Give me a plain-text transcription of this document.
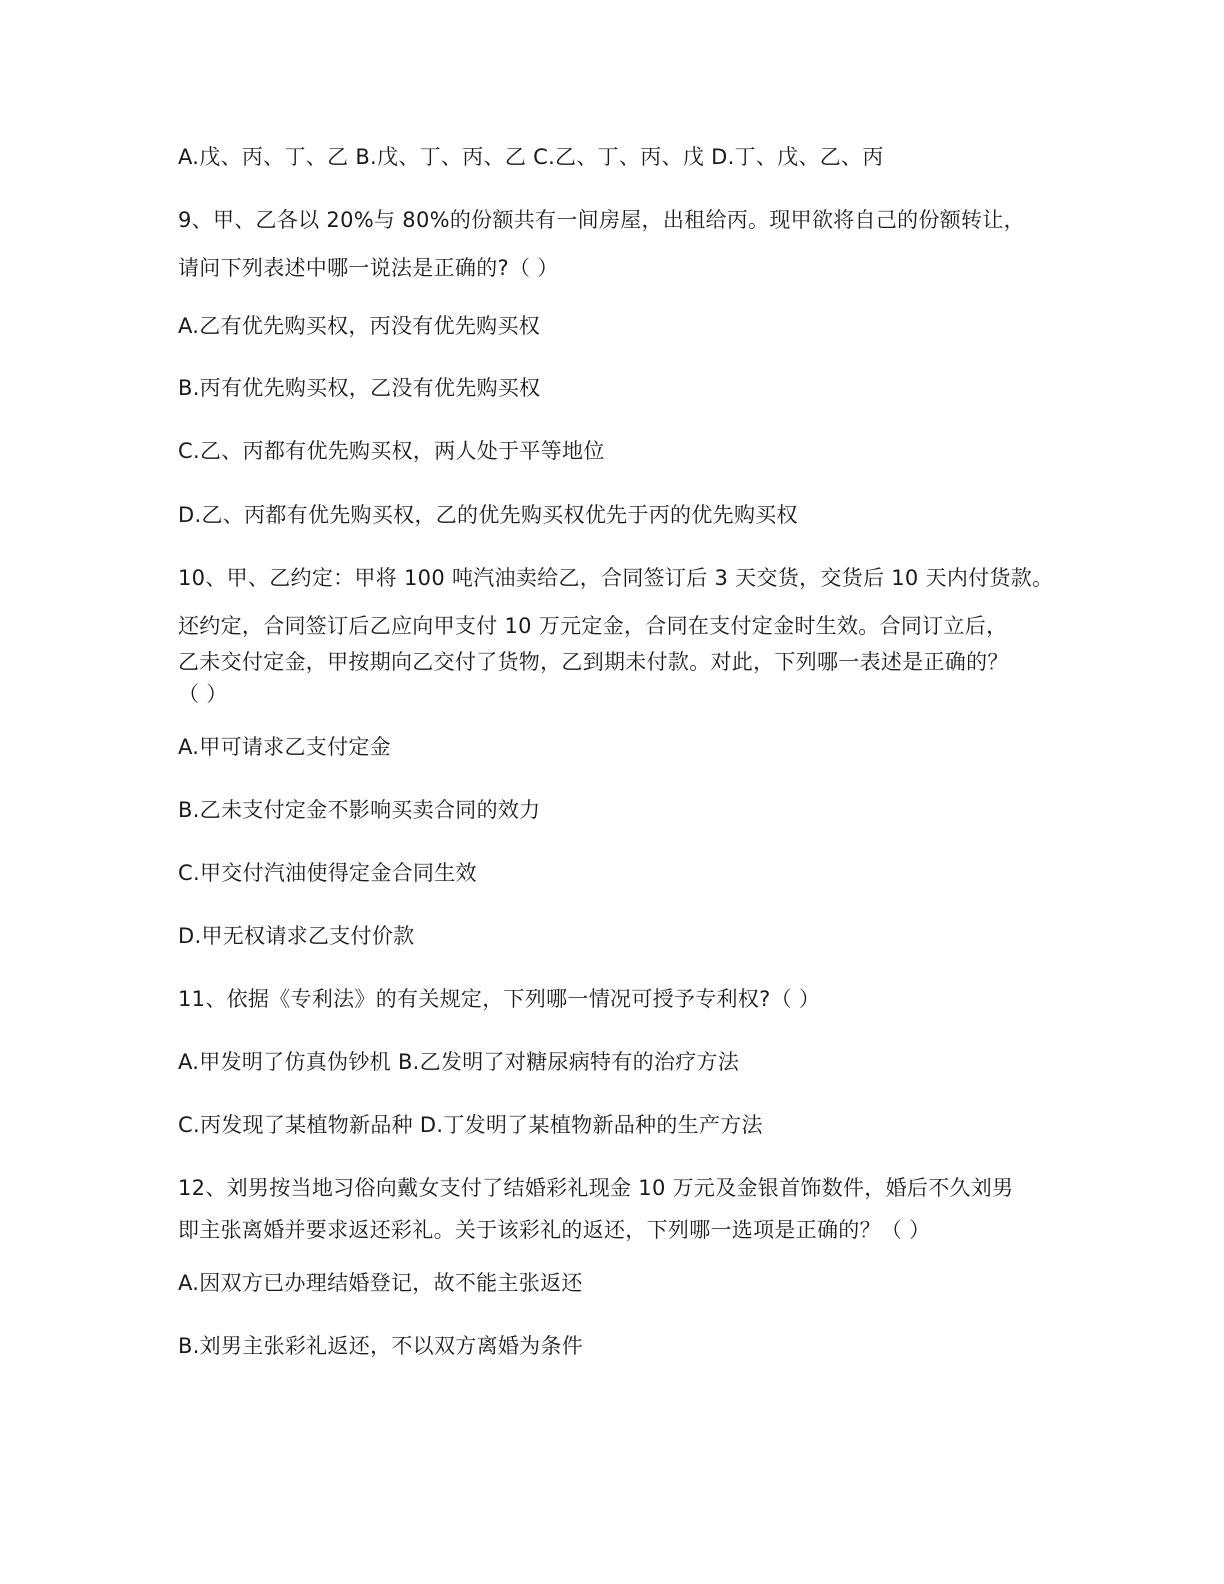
A.戊、丙、丁、乙 B.戊、丁、丙、乙 C.乙、丁、丙、戊 D.丁、戊、乙、丙
9、甲、乙各以 20%与 80%的份额共有一间房屋，出租给丙。现甲欲将自己的份额转让，
请问下列表述中哪一说法是正确的?（ ）
A.乙有优先购买权，丙没有优先购买权
B.丙有优先购买权，乙没有优先购买权
C.乙、丙都有优先购买权，两人处于平等地位
D.乙、丙都有优先购买权，乙的优先购买权优先于丙的优先购买权
10、甲、乙约定：甲将 100 吨汽油卖给乙，合同签订后 3 天交货，交货后 10 天内付货款。
还约定，合同签订后乙应向甲支付 10 万元定金，合同在支付定金时生效。合同订立后，
乙未交付定金，甲按期向乙交付了货物，乙到期未付款。对此，下列哪一表述是正确的？
（ ）
A.甲可请求乙支付定金
B.乙未支付定金不影响买卖合同的效力
C.甲交付汽油使得定金合同生效
D.甲无权请求乙支付价款
11、依据《专利法》的有关规定，下列哪一情况可授予专利权?（ ）
A.甲发明了仿真伪钞机 B.乙发明了对糖尿病特有的治疗方法
C.丙发现了某植物新品种 D.丁发明了某植物新品种的生产方法
12、刘男按当地习俗向戴女支付了结婚彩礼现金 10 万元及金银首饰数件，婚后不久刘男
即主张离婚并要求返还彩礼。关于该彩礼的返还，下列哪一选项是正确的？（ ）
A.因双方已办理结婚登记，故不能主张返还
B.刘男主张彩礼返还，不以双方离婚为条件
